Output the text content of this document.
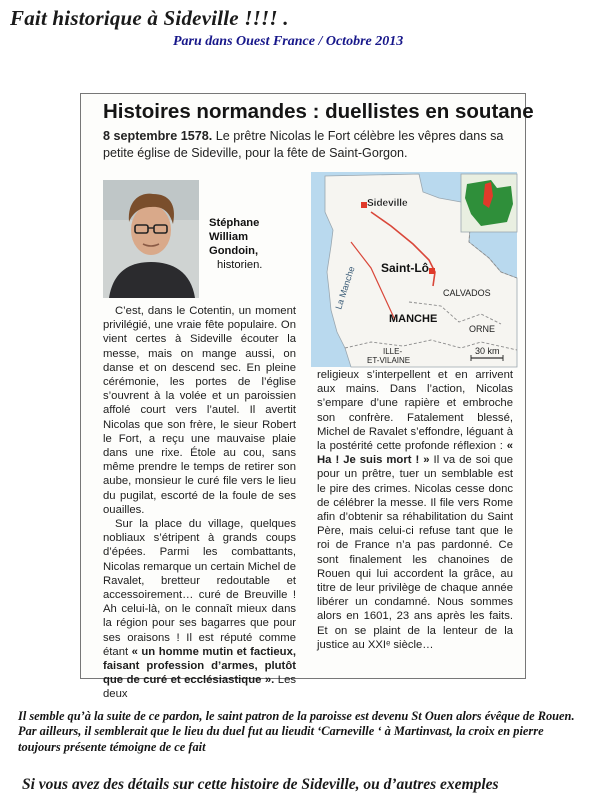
Fait historique à Sideville !!!! .
Paru dans Ouest France / Octobre 2013
Histoires normandes : duellistes en soutane
8 septembre 1578. Le prêtre Nicolas le Fort célèbre les vêpres dans sa petite église de Sideville, pour la fête de Saint-Gorgon.
Stéphane William Gondoin,
historien.
Sideville
Saint-Lô
CALVADOS
MANCHE
ORNE
ILLE-
ET-VILAINE
30 km
La Manche

C’est, dans le Cotentin, un moment privilégié, une vraie fête populaire. On vient certes à Sideville écouter la messe, mais on mange aussi, on danse et on descend sec. En pleine cérémonie, les portes de l’église s’ouvrent à la volée et un paroissien affolé court vers l’autel. Il avertit Nicolas que son frère, le sieur Robert le Fort, a reçu une mauvaise plaie dans une rixe. Étole au cou, sans même prendre le temps de retirer son aube, monsieur le curé file vers le lieu du pugilat, escorté de la foule de ses ouailles.

Sur la place du village, quelques nobliaux s’étripent à grands coups d’épées. Parmi les combattants, Nicolas remarque un certain Michel de Ravalet, bretteur redoutable et accessoirement… curé de Breuville ! Ah celui-là, on le connaît mieux dans la région pour ses bagarres que pour ses oraisons ! Il est réputé comme étant « un homme mutin et factieux, faisant profession d’armes, plutôt que de curé et ecclésiastique ». Les deux

religieux s’interpellent et en arrivent aux mains. Dans l’action, Nicolas s’empare d’une rapière et embroche son confrère. Fatalement blessé, Michel de Ravalet s’effondre, léguant à la postérité cette profonde réflexion : « Ha ! Je suis mort ! » Il va de soi que pour un prêtre, tuer un semblable est le pire des crimes. Nicolas cesse donc de célébrer la messe. Il file vers Rome afin d’obtenir sa réhabilitation du Saint Père, mais celui-ci refuse tant que le roi de France n’a pas pardonné. Ce sont finalement les chanoines de Rouen qui lui accordent la grâce, au titre de leur privilège de chaque année libérer un condamné. Nous sommes alors en 1601, 23 ans après les faits. Et on se plaint de la lenteur de la justice au XXIᵉ siècle…

Il semble qu’à la suite de ce pardon, le saint patron de la paroisse est devenu St Ouen alors évêque de Rouen. Par ailleurs, il semblerait que le lieu du duel fut au lieudit ‘Carneville ‘ à Martinvast, la croix en pierre toujours présente témoigne de ce fait
Si vous avez des détails sur cette histoire de Sideville, ou d’autres exemples
